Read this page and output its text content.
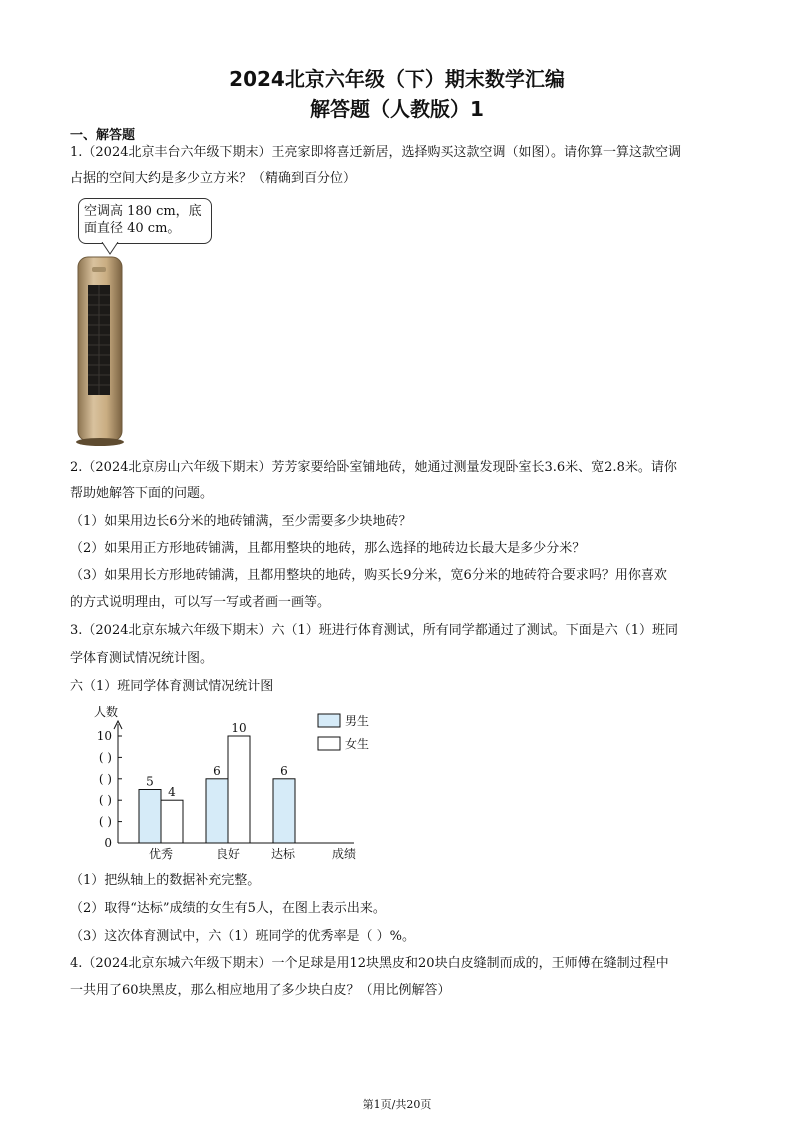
2024北京六年级（下）期末数学汇编
解答题（人教版）1
一、解答题
1.（2024北京丰台六年级下期末）王亮家即将喜迁新居，选择购买这款空调（如图）。请你算一算这款空调
占据的空间大约是多少立方米？（精确到百分位）
空调高 180 cm，底
面直径 40 cm。
2.（2024北京房山六年级下期末）芳芳家要给卧室铺地砖，她通过测量发现卧室长3.6米、宽2.8米。请你
帮助她解答下面的问题。
（1）如果用边长6分米的地砖铺满，至少需要多少块地砖？
（2）如果用正方形地砖铺满，且都用整块的地砖，那么选择的地砖边长最大是多少分米？
（3）如果用长方形地砖铺满，且都用整块的地砖，购买长9分米，宽6分米的地砖符合要求吗？用你喜欢
的方式说明理由，可以写一写或者画一画等。
3.（2024北京东城六年级下期末）六（1）班进行体育测试，所有同学都通过了测试。下面是六（1）班同
学体育测试情况统计图。
六（1）班同学体育测试情况统计图
人数
0
( )
( )
( )
( )
10
5
4
6
10
6
优秀	良好	达标	成绩
男生
女生
（1）把纵轴上的数据补充完整。
（2）取得“达标”成绩的女生有5人，在图上表示出来。
（3）这次体育测试中，六（1）班同学的优秀率是（ ）%。
4.（2024北京东城六年级下期末）一个足球是用12块黑皮和20块白皮缝制而成的，王师傅在缝制过程中
一共用了60块黑皮，那么相应地用了多少块白皮？（用比例解答）
第1页/共20页
